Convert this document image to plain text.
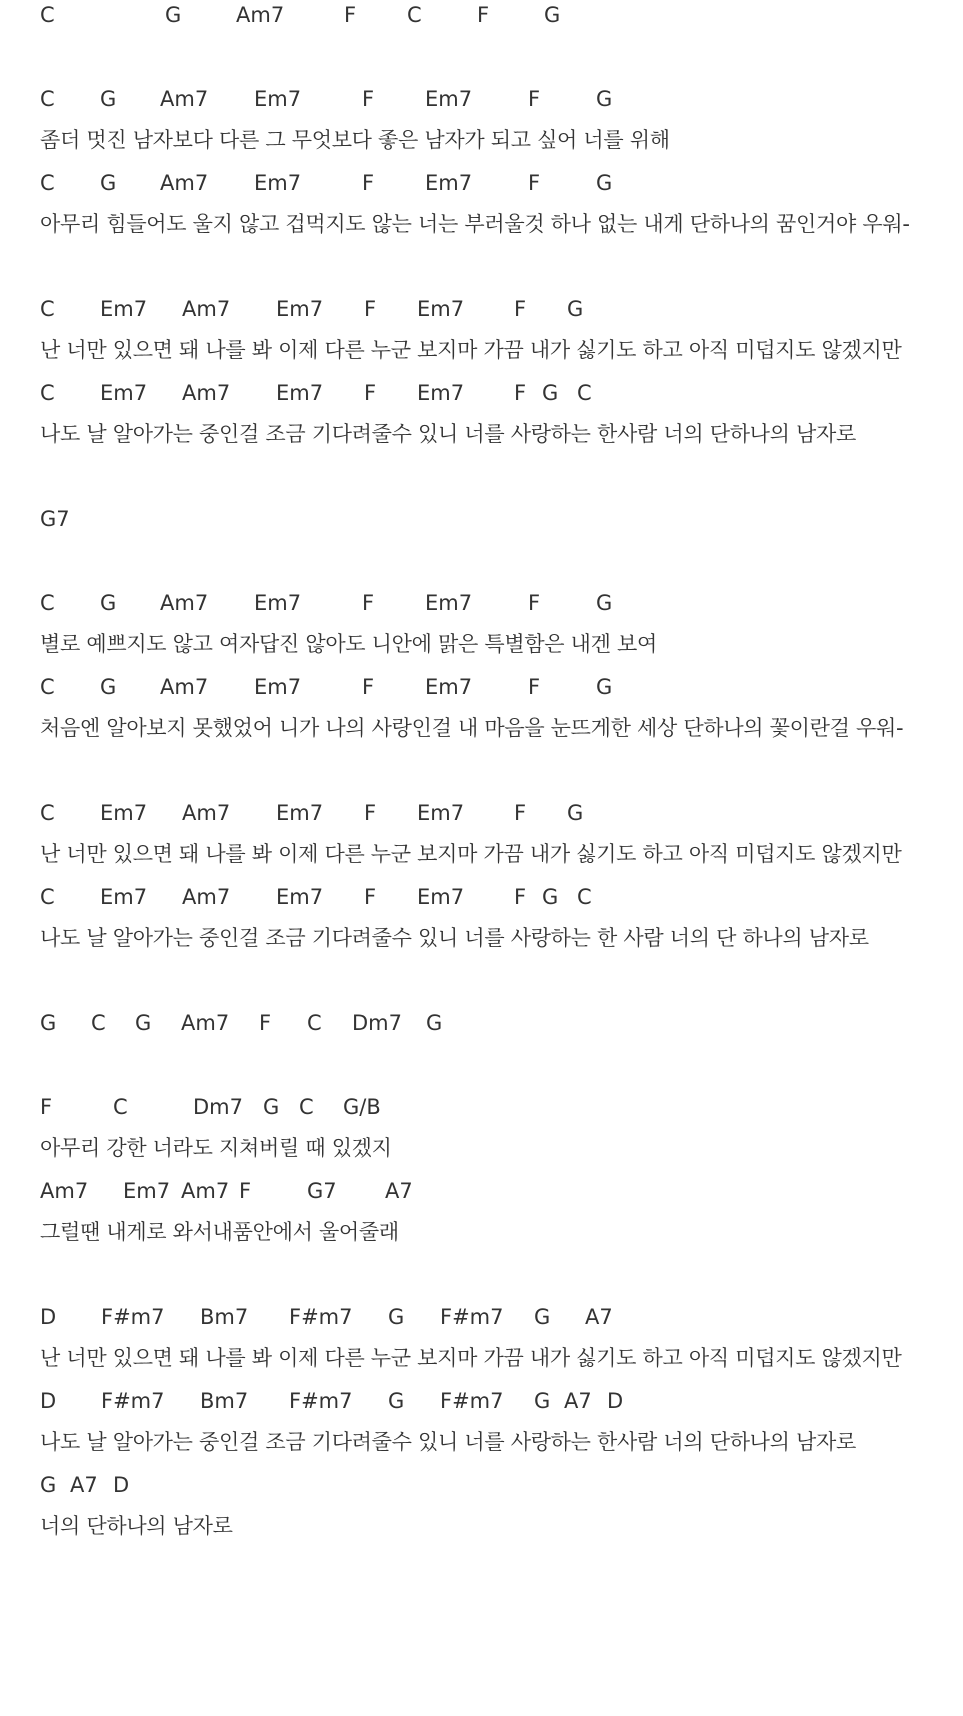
C

	G

	Am7

	F

C

	F

	G

C

G

Am7

Em7

	F

Em7

	F

	G

좀더 멋진 남자보다 다른 그 무엇보다 좋은 남자가 되고 싶어 너를 위해

C

G

Am7

Em7

	F

Em7

	F

	G

아무리 힘들어도 울지 않고 겁먹지도 않는 너는 부러울것 하나 없는 내게 단하나의 꿈인거야 우워-

C

Em7

Am7

Em7

F

Em7

F

G

난 너만 있으면 돼 나를 봐 이제 다른 누군 보지마 가끔 내가 싫기도 하고 아직 미덥지도 않겠지만

C

Em7

Am7

Em7

F

Em7

F

G

C

나도 날 알아가는 중인걸 조금 기다려줄수 있니 너를 사랑하는 한사람 너의 단하나의 남자로

G7

C

G

Am7

Em7

	F

Em7

	F

	G

별로 예쁘지도 않고 여자답진 않아도 니안에 맑은 특별함은 내겐 보여

C

G

Am7

Em7

	F

Em7

	F

	G

처음엔 알아보지 못했었어 니가 나의 사랑인걸 내 마음을 눈뜨게한 세상 단하나의 꽃이란걸 우워-

C

Em7

Am7

Em7

F

Em7

F

G

난 너만 있으면 돼 나를 봐 이제 다른 누군 보지마 가끔 내가 싫기도 하고 아직 미덥지도 않겠지만

C

Em7

Am7

Em7

F

Em7

F

G

C

나도 날 알아가는 중인걸 조금 기다려줄수 있니 너를 사랑하는 한 사람 너의 단 하나의 남자로

G

C

G

Am7

F

C

Dm7

G

F

	C

	Dm7

G

C

G/B

아무리 강한 너라도 지쳐버릴 때 있겠지

Am7

Em7

Am7

F

	G7

A7

그럴땐 내게로 와서내품안에서 울어줄래

D

F#m7

Bm7

F#m7

G

F#m7

G

A7

난 너만 있으면 돼 나를 봐 이제 다른 누군 보지마 가끔 내가 싫기도 하고 아직 미덥지도 않겠지만

D

F#m7

Bm7

F#m7

G

F#m7

G

A7

D

나도 날 알아가는 중인걸 조금 기다려줄수 있니 너를 사랑하는 한사람 너의 단하나의 남자로

G

A7

D

너의 단하나의 남자로
